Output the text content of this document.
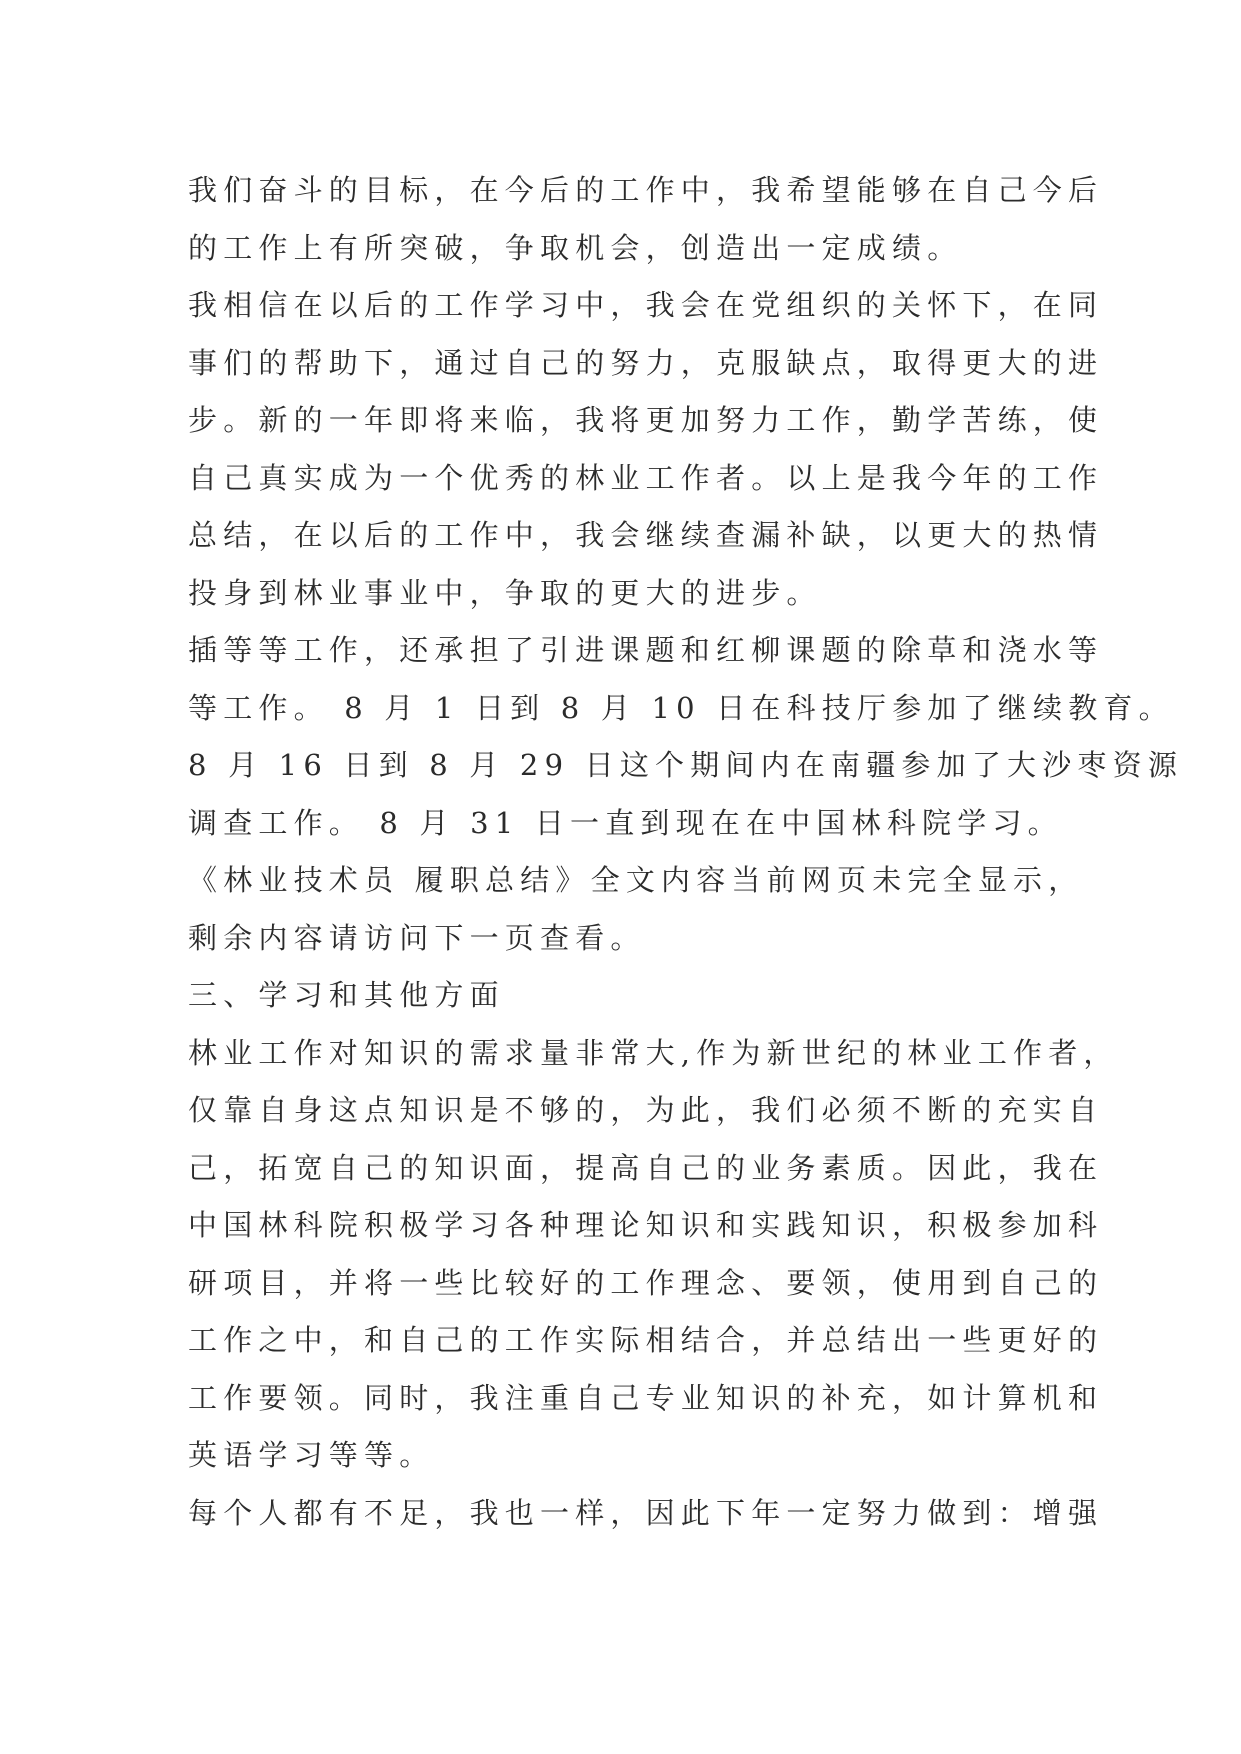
我们奋斗的目标，在今后的工作中，我希望能够在自己今后
的工作上有所突破，争取机会，创造出一定成绩。
我相信在以后的工作学习中，我会在党组织的关怀下，在同
事们的帮助下，通过自己的努力，克服缺点，取得更大的进
步。新的一年即将来临，我将更加努力工作，勤学苦练，使
自己真实成为一个优秀的林业工作者。以上是我今年的工作
总结，在以后的工作中，我会继续查漏补缺，以更大的热情
投身到林业事业中，争取的更大的进步。
插等等工作，还承担了引进课题和红柳课题的除草和浇水等
等工作。 8 月 1 日到 8 月 10 日在科技厅参加了继续教育。
8 月 16 日到 8 月 29 日这个期间内在南疆参加了大沙枣资源
调查工作。 8 月 31 日一直到现在在中国林科院学习。
《林业技术员 履职总结》全文内容当前网页未完全显示，
剩余内容请访问下一页查看。
三、学习和其他方面
林业工作对知识的需求量非常大,作为新世纪的林业工作者，
仅靠自身这点知识是不够的，为此，我们必须不断的充实自
己，拓宽自己的知识面，提高自己的业务素质。因此，我在
中国林科院积极学习各种理论知识和实践知识，积极参加科
研项目，并将一些比较好的工作理念、要领，使用到自己的
工作之中，和自己的工作实际相结合，并总结出一些更好的
工作要领。同时，我注重自己专业知识的补充，如计算机和
英语学习等等。
每个人都有不足，我也一样，因此下年一定努力做到：增强
